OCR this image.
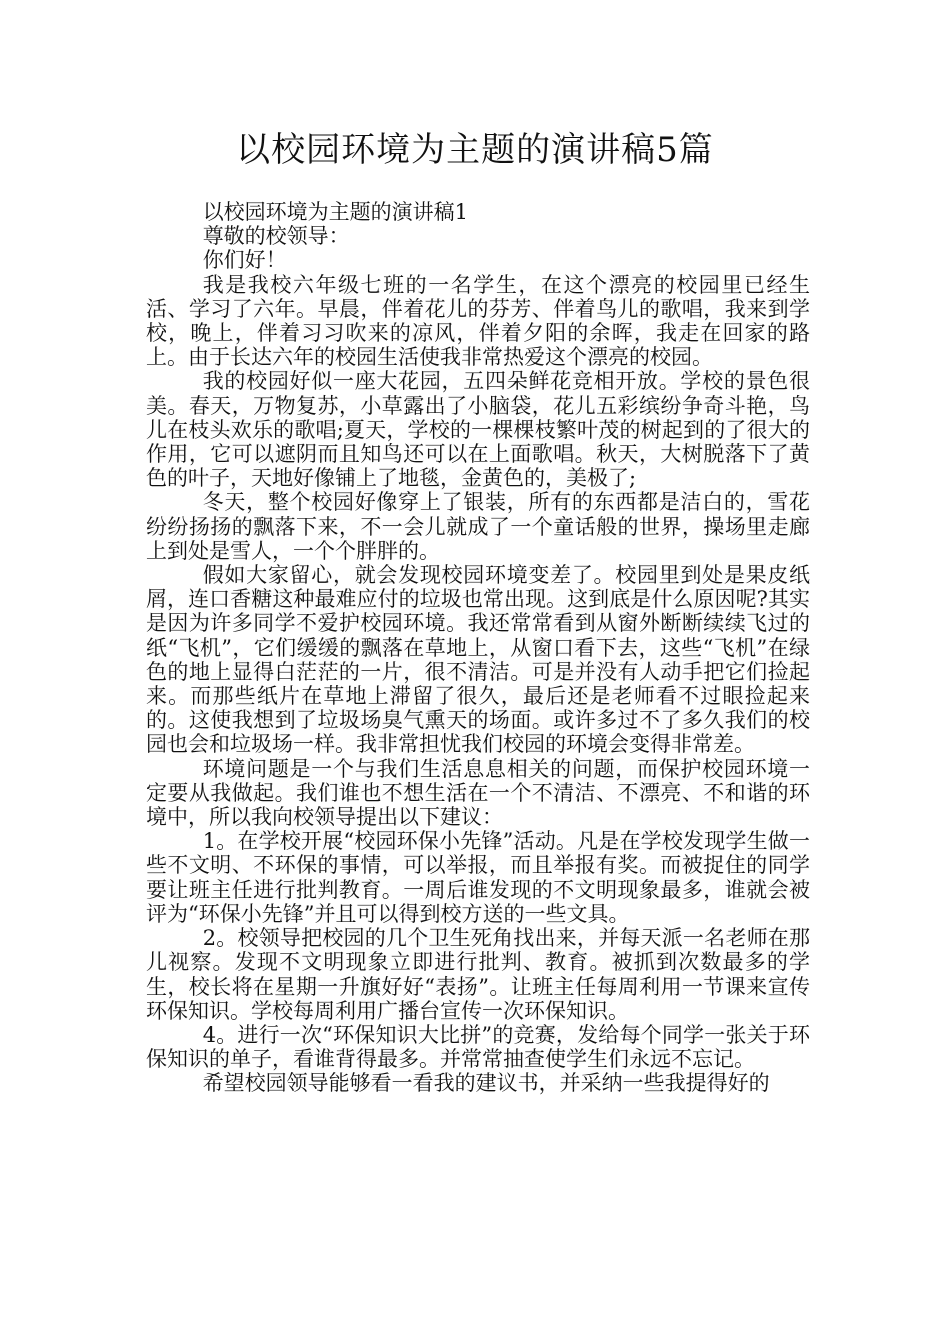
以校园环境为主题的演讲稿5篇

以校园环境为主题的演讲稿1

尊敬的校领导：

你们好！

我是我校六年级七班的一名学生，在这个漂亮的校园里已经生活、学习了六年。早晨，伴着花儿的芬芳、伴着鸟儿的歌唱，我来到学校，晚上，伴着习习吹来的凉风，伴着夕阳的余晖，我走在回家的路上。由于长达六年的校园生活使我非常热爱这个漂亮的校园。

我的校园好似一座大花园，五四朵鲜花竞相开放。学校的景色很美。春天，万物复苏，小草露出了小脑袋，花儿五彩缤纷争奇斗艳，鸟儿在枝头欢乐的歌唱;夏天，学校的一棵棵枝繁叶茂的树起到的了很大的作用，它可以遮阴而且知鸟还可以在上面歌唱。秋天，大树脱落下了黄色的叶子，天地好像铺上了地毯，金黄色的，美极了;

冬天，整个校园好像穿上了银装，所有的东西都是洁白的，雪花纷纷扬扬的飘落下来，不一会儿就成了一个童话般的世界，操场里走廊上到处是雪人，一个个胖胖的。

假如大家留心，就会发现校园环境变差了。校园里到处是果皮纸屑，连口香糖这种最难应付的垃圾也常出现。这到底是什么原因呢?其实是因为许多同学不爱护校园环境。我还常常看到从窗外断断续续飞过的纸“飞机”，它们缓缓的飘落在草地上，从窗口看下去，这些“飞机”在绿色的地上显得白茫茫的一片，很不清洁。可是并没有人动手把它们捡起来。而那些纸片在草地上滞留了很久，最后还是老师看不过眼捡起来的。这使我想到了垃圾场臭气熏天的场面。或许多过不了多久我们的校园也会和垃圾场一样。我非常担忧我们校园的环境会变得非常差。

环境问题是一个与我们生活息息相关的问题，而保护校园环境一定要从我做起。我们谁也不想生活在一个不清洁、不漂亮、不和谐的环境中，所以我向校领导提出以下建议：

1。在学校开展“校园环保小先锋”活动。凡是在学校发现学生做一些不文明、不环保的事情，可以举报，而且举报有奖。而被捉住的同学要让班主任进行批判教育。一周后谁发现的不文明现象最多，谁就会被评为“环保小先锋”并且可以得到校方送的一些文具。

2。校领导把校园的几个卫生死角找出来，并每天派一名老师在那儿视察。发现不文明现象立即进行批判、教育。被抓到次数最多的学生，校长将在星期一升旗好好“表扬”。让班主任每周利用一节课来宣传环保知识。学校每周利用广播台宣传一次环保知识。

4。进行一次“环保知识大比拼”的竞赛，发给每个同学一张关于环保知识的单子，看谁背得最多。并常常抽查使学生们永远不忘记。

希望校园领导能够看一看我的建议书，并采纳一些我提得好的
